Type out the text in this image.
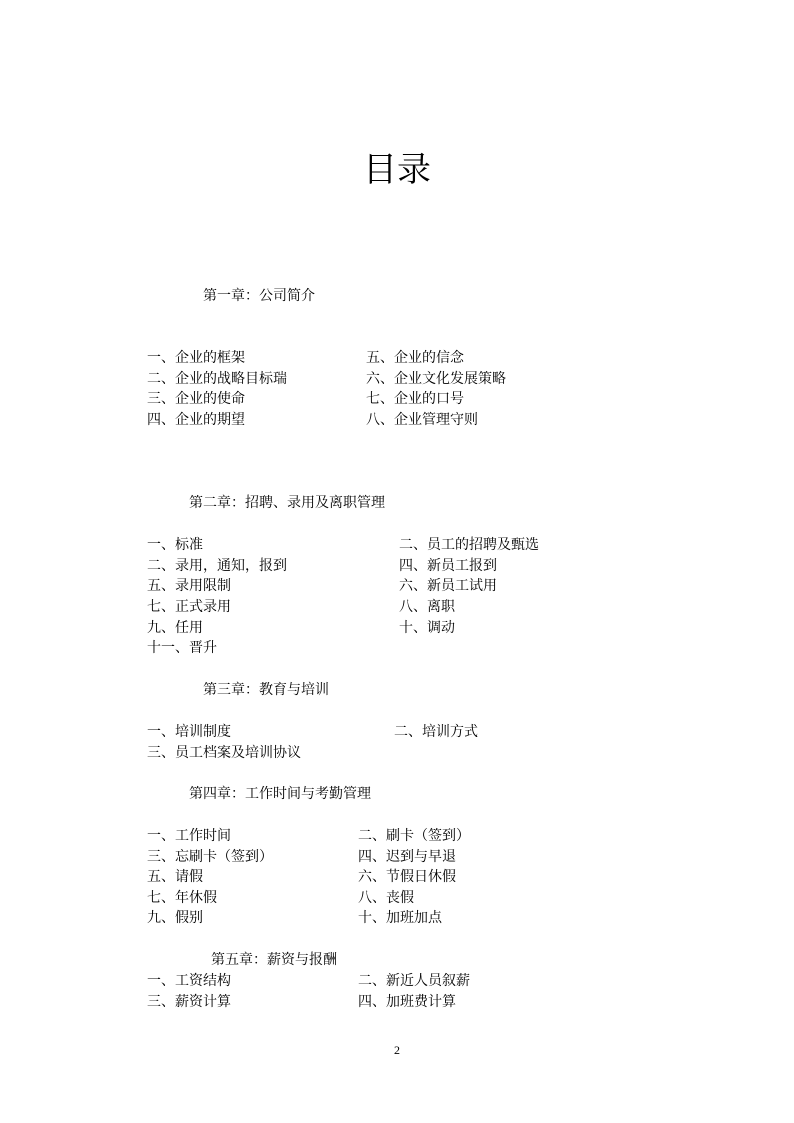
目录
第一章：公司简介
一、企业的框架	五、企业的信念
二、企业的战略目标瑞	六、企业文化发展策略
三、企业的使命	七、企业的口号
四、企业的期望	八、企业管理守则
第二章：招聘、录用及离职管理
一、标准	二、员工的招聘及甄选
二、录用，通知，报到	四、新员工报到
五、录用限制	六、新员工试用
七、正式录用	八、离职
九、任用	十、调动
十一、晋升
第三章：教育与培训
一、培训制度	二、培训方式
三、员工档案及培训协议
第四章：工作时间与考勤管理
一、工作时间	二、刷卡（签到）
三、忘刷卡（签到）	四、迟到与早退
五、请假	六、节假日休假
七、年休假	八、丧假
九、假别	十、加班加点
第五章：薪资与报酬
一、工资结构	二、新近人员叙薪
三、薪资计算	四、加班费计算
2
